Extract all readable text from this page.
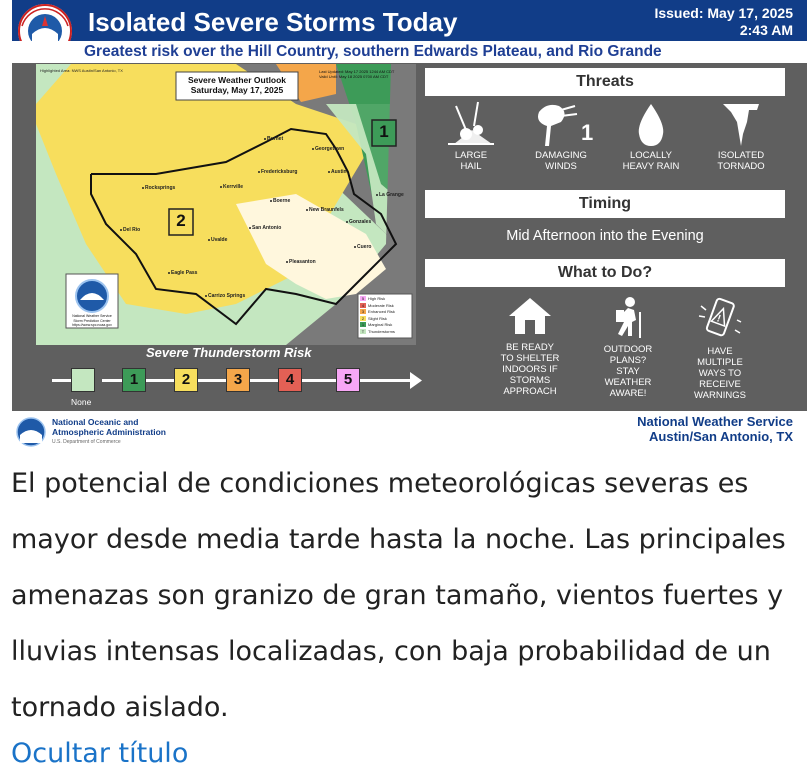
Isolated Severe Storms Today	Issued: May 17, 2025
2:43 AM
Greatest risk over the Hill Country, southern Edwards Plateau, and Rio Grande
Highlighted Area: NWS Austin/San Antonio, TX
Severe Weather Outlook
Saturday, May 17, 2025
Last Updated: May 17 2025 1244 AM CDT
Valid Until: May 18 2025 0700 AM CDT
1
2
Burnet
Georgetown
Fredericksburg	Austin
Rocksprings	Kerrville
La Grange
Boerne
New Braunfels
Del Rio	San Antonio
Gonzales
Uvalde
Cuero
Pleasanton
Eagle Pass
Carrizo Springs	5 High Risk
4 Moderate Risk
3 Enhanced Risk
2 Slight Risk
1 Marginal Risk
T Thunderstorms
National Weather Service
Storm Prediction Center
https://www.spc.noaa.gov
Threats
LARGE
HAIL
1
DAMAGING
WINDS
LOCALLY
HEAVY RAIN
ISOLATED
TORNADO
Timing
Mid Afternoon into the Evening
What to Do?
BE READY
TO SHELTER
INDOORS IF
STORMS
APPROACH
OUTDOOR
PLANS?
STAY
WEATHER
AWARE!
!
HAVE
MULTIPLE
WAYS TO
RECEIVE
WARNINGS
Severe Thunderstorm Risk
1	2	3	4	5
None
National Oceanic and
Atmospheric Administration
U.S. Department of Commerce
National Weather Service
Austin/San Antonio, TX
El potencial de condiciones meteorológicas severas es mayor desde media tarde hasta la noche. Las principales amenazas son granizo de gran tamaño, vientos fuertes y lluvias intensas localizadas, con baja probabilidad de un tornado aislado.
Ocultar título
